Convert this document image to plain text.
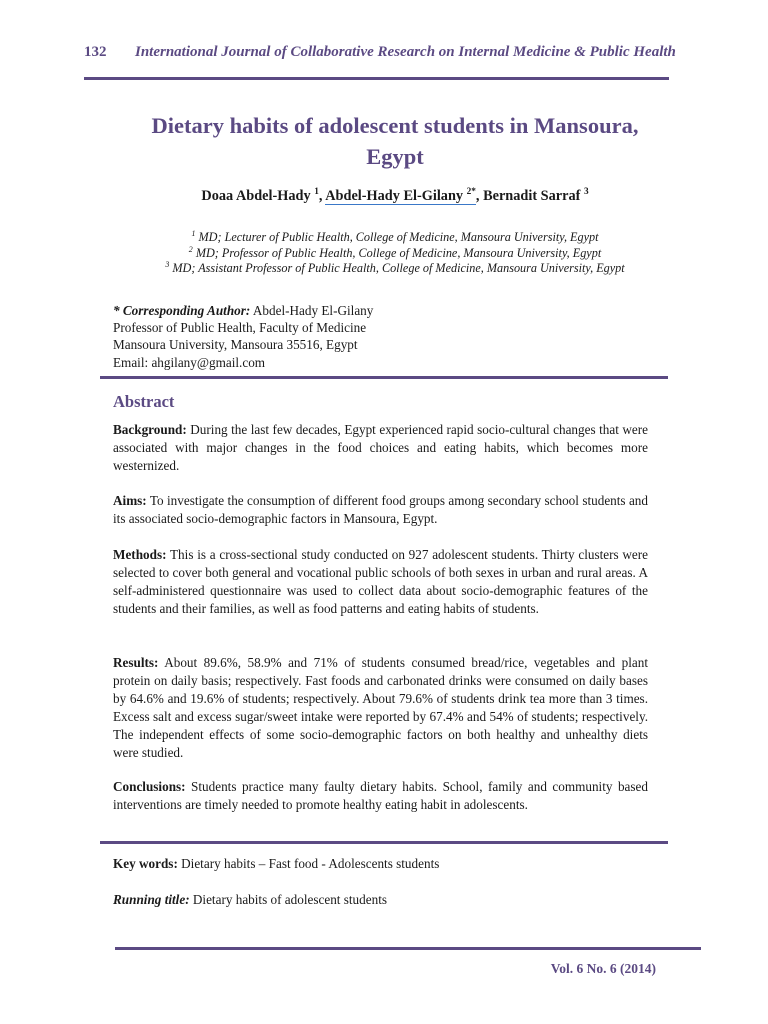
132 International Journal of Collaborative Research on Internal Medicine & Public Health
Dietary habits of adolescent students in Mansoura,
Egypt
Doaa Abdel-Hady $^1$, Abdel-Hady El-Gilany $^{2*}$, Bernadit Sarraf $^3$
$^1$ MD; Lecturer of Public Health, College of Medicine, Mansoura University, Egypt
$^2$ MD; Professor of Public Health, College of Medicine, Mansoura University, Egypt
$^3$ MD; Assistant Professor of Public Health, College of Medicine, Mansoura University, Egypt
* Corresponding Author: Abdel-Hady El-Gilany
Professor of Public Health, Faculty of Medicine
Mansoura University, Mansoura 35516, Egypt
Email: ahgilany@gmail.com
Abstract
Background: During the last few decades, Egypt experienced rapid socio-cultural changes that were associated with major changes in the food choices and eating habits, which becomes more westernized.
Aims: To investigate the consumption of different food groups among secondary school students and its associated socio-demographic factors in Mansoura, Egypt.
Methods: This is a cross-sectional study conducted on 927 adolescent students. Thirty clusters were selected to cover both general and vocational public schools of both sexes in urban and rural areas. A self-administered questionnaire was used to collect data about socio-demographic features of the students and their families, as well as food patterns and eating habits of students.
Results: About 89.6%, 58.9% and 71% of students consumed bread/rice, vegetables and plant protein on daily basis; respectively. Fast foods and carbonated drinks were consumed on daily bases by 64.6% and 19.6% of students; respectively. About 79.6% of students drink tea more than 3 times. Excess salt and excess sugar/sweet intake were reported by 67.4% and 54% of students; respectively. The independent effects of some socio-demographic factors on both healthy and unhealthy diets were studied.
Conclusions: Students practice many faulty dietary habits. School, family and community based interventions are timely needed to promote healthy eating habit in adolescents.
Key words: Dietary habits – Fast food - Adolescents students
Running title: Dietary habits of adolescent students
Vol. 6 No. 6 (2014)
